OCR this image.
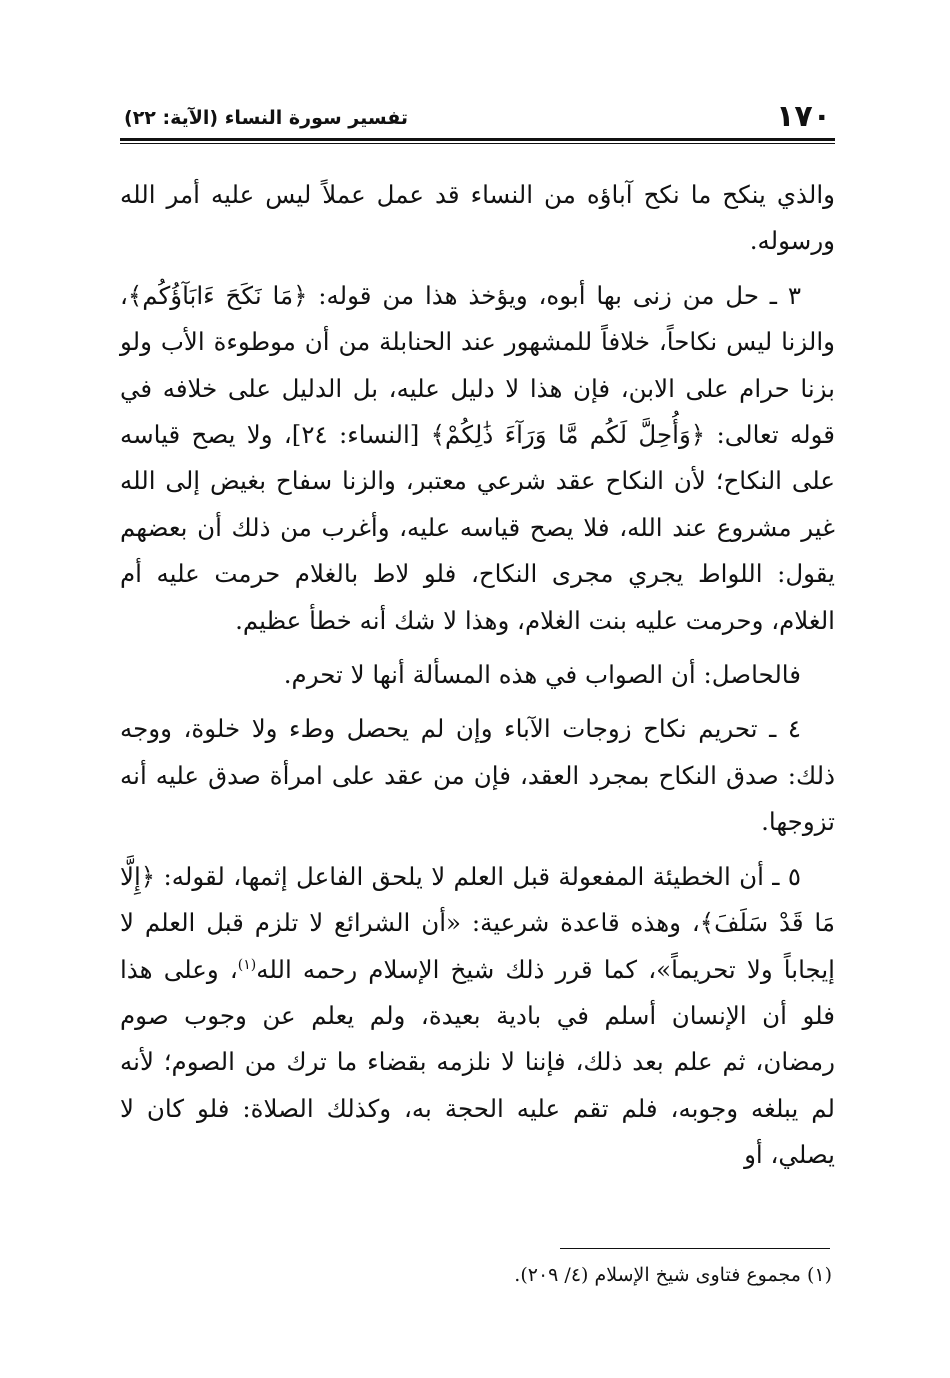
١٧٠
تفسير سورة النساء (الآية: ٢٢)

والذي ينكح ما نكح آباؤه من النساء قد عمل عملاً ليس عليه أمر الله ورسوله.

٣ ـ حل من زنى بها أبوه، ويؤخذ هذا من قوله: ﴿مَا نَكَحَ ءَابَآؤُكُم﴾، والزنا ليس نكاحاً، خلافاً للمشهور عند الحنابلة من أن موطوءة الأب ولو بزنا حرام على الابن، فإن هذا لا دليل عليه، بل الدليل على خلافه في قوله تعالى: ﴿وَأُحِلَّ لَكُم مَّا وَرَآءَ ذَٰلِكُمْ﴾ [النساء: ٢٤]، ولا يصح قياسه على النكاح؛ لأن النكاح عقد شرعي معتبر، والزنا سفاح بغيض إلى الله غير مشروع عند الله، فلا يصح قياسه عليه، وأغرب من ذلك أن بعضهم يقول: اللواط يجري مجرى النكاح، فلو لاط بالغلام حرمت عليه أم الغلام، وحرمت عليه بنت الغلام، وهذا لا شك أنه خطأ عظيم.

فالحاصل: أن الصواب في هذه المسألة أنها لا تحرم.

٤ ـ تحريم نكاح زوجات الآباء وإن لم يحصل وطء ولا خلوة، ووجه ذلك: صدق النكاح بمجرد العقد، فإن من عقد على امرأة صدق عليه أنه تزوجها.

٥ ـ أن الخطيئة المفعولة قبل العلم لا يلحق الفاعل إثمها، لقوله: ﴿إِلَّا مَا قَدْ سَلَفَ﴾، وهذه قاعدة شرعية: «أن الشرائع لا تلزم قبل العلم لا إيجاباً ولا تحريماً»، كما قرر ذلك شيخ الإسلام رحمه الله$^{(١)}$، وعلى هذا فلو أن الإنسان أسلم في بادية بعيدة، ولم يعلم عن وجوب صوم رمضان، ثم علم بعد ذلك، فإننا لا نلزمه بقضاء ما ترك من الصوم؛ لأنه لم يبلغه وجوبه، فلم تقم عليه الحجة به، وكذلك الصلاة: فلو كان لا يصلي، أو

(١) مجموع فتاوى شيخ الإسلام (٤/ ٢٠٩).
